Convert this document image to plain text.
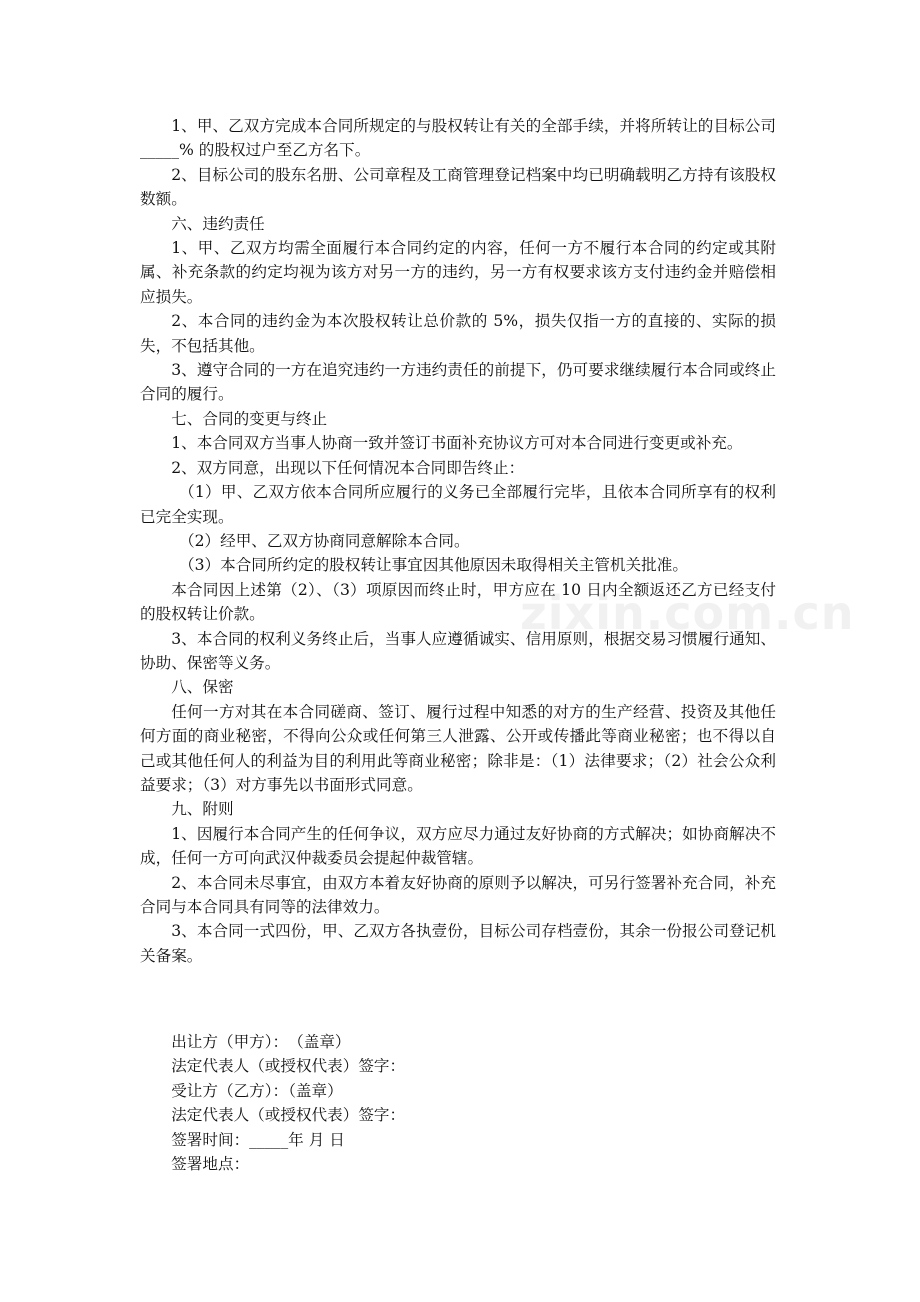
zixin.com.cn

1、甲、乙双方完成本合同所规定的与股权转让有关的全部手续，并将所转让的目标公司_____% 的股权过户至乙方名下。

2、目标公司的股东名册、公司章程及工商管理登记档案中均已明确载明乙方持有该股权数额。

六、违约责任

1、甲、乙双方均需全面履行本合同约定的内容，任何一方不履行本合同的约定或其附属、补充条款的约定均视为该方对另一方的违约，另一方有权要求该方支付违约金并赔偿相应损失。

2、本合同的违约金为本次股权转让总价款的 5%，损失仅指一方的直接的、实际的损失，不包括其他。

3、遵守合同的一方在追究违约一方违约责任的前提下，仍可要求继续履行本合同或终止合同的履行。

七、合同的变更与终止

1、本合同双方当事人协商一致并签订书面补充协议方可对本合同进行变更或补充。

2、双方同意，出现以下任何情况本合同即告终止：

（1）甲、乙双方依本合同所应履行的义务已全部履行完毕，且依本合同所享有的权利已完全实现。

（2）经甲、乙双方协商同意解除本合同。

（3）本合同所约定的股权转让事宜因其他原因未取得相关主管机关批准。

本合同因上述第（2）、（3）项原因而终止时，甲方应在 10 日内全额返还乙方已经支付的股权转让价款。

3、本合同的权利义务终止后，当事人应遵循诚实、信用原则，根据交易习惯履行通知、协助、保密等义务。

八、保密

任何一方对其在本合同磋商、签订、履行过程中知悉的对方的生产经营、投资及其他任何方面的商业秘密，不得向公众或任何第三人泄露、公开或传播此等商业秘密；也不得以自己或其他任何人的利益为目的利用此等商业秘密；除非是：（1）法律要求；（2）社会公众利益要求；（3）对方事先以书面形式同意。

九、附则

1、因履行本合同产生的任何争议，双方应尽力通过友好协商的方式解决；如协商解决不成，任何一方可向武汉仲裁委员会提起仲裁管辖。

2、本合同未尽事宜，由双方本着友好协商的原则予以解决，可另行签署补充合同，补充合同与本合同具有同等的法律效力。

3、本合同一式四份，甲、乙双方各执壹份，目标公司存档壹份，其余一份报公司登记机关备案。

出让方（甲方）：　（盖章）

法定代表人（或授权代表）签字：

受让方（乙方）：（盖章）

法定代表人（或授权代表）签字：

签署时间：_____年 月 日

签署地点：
